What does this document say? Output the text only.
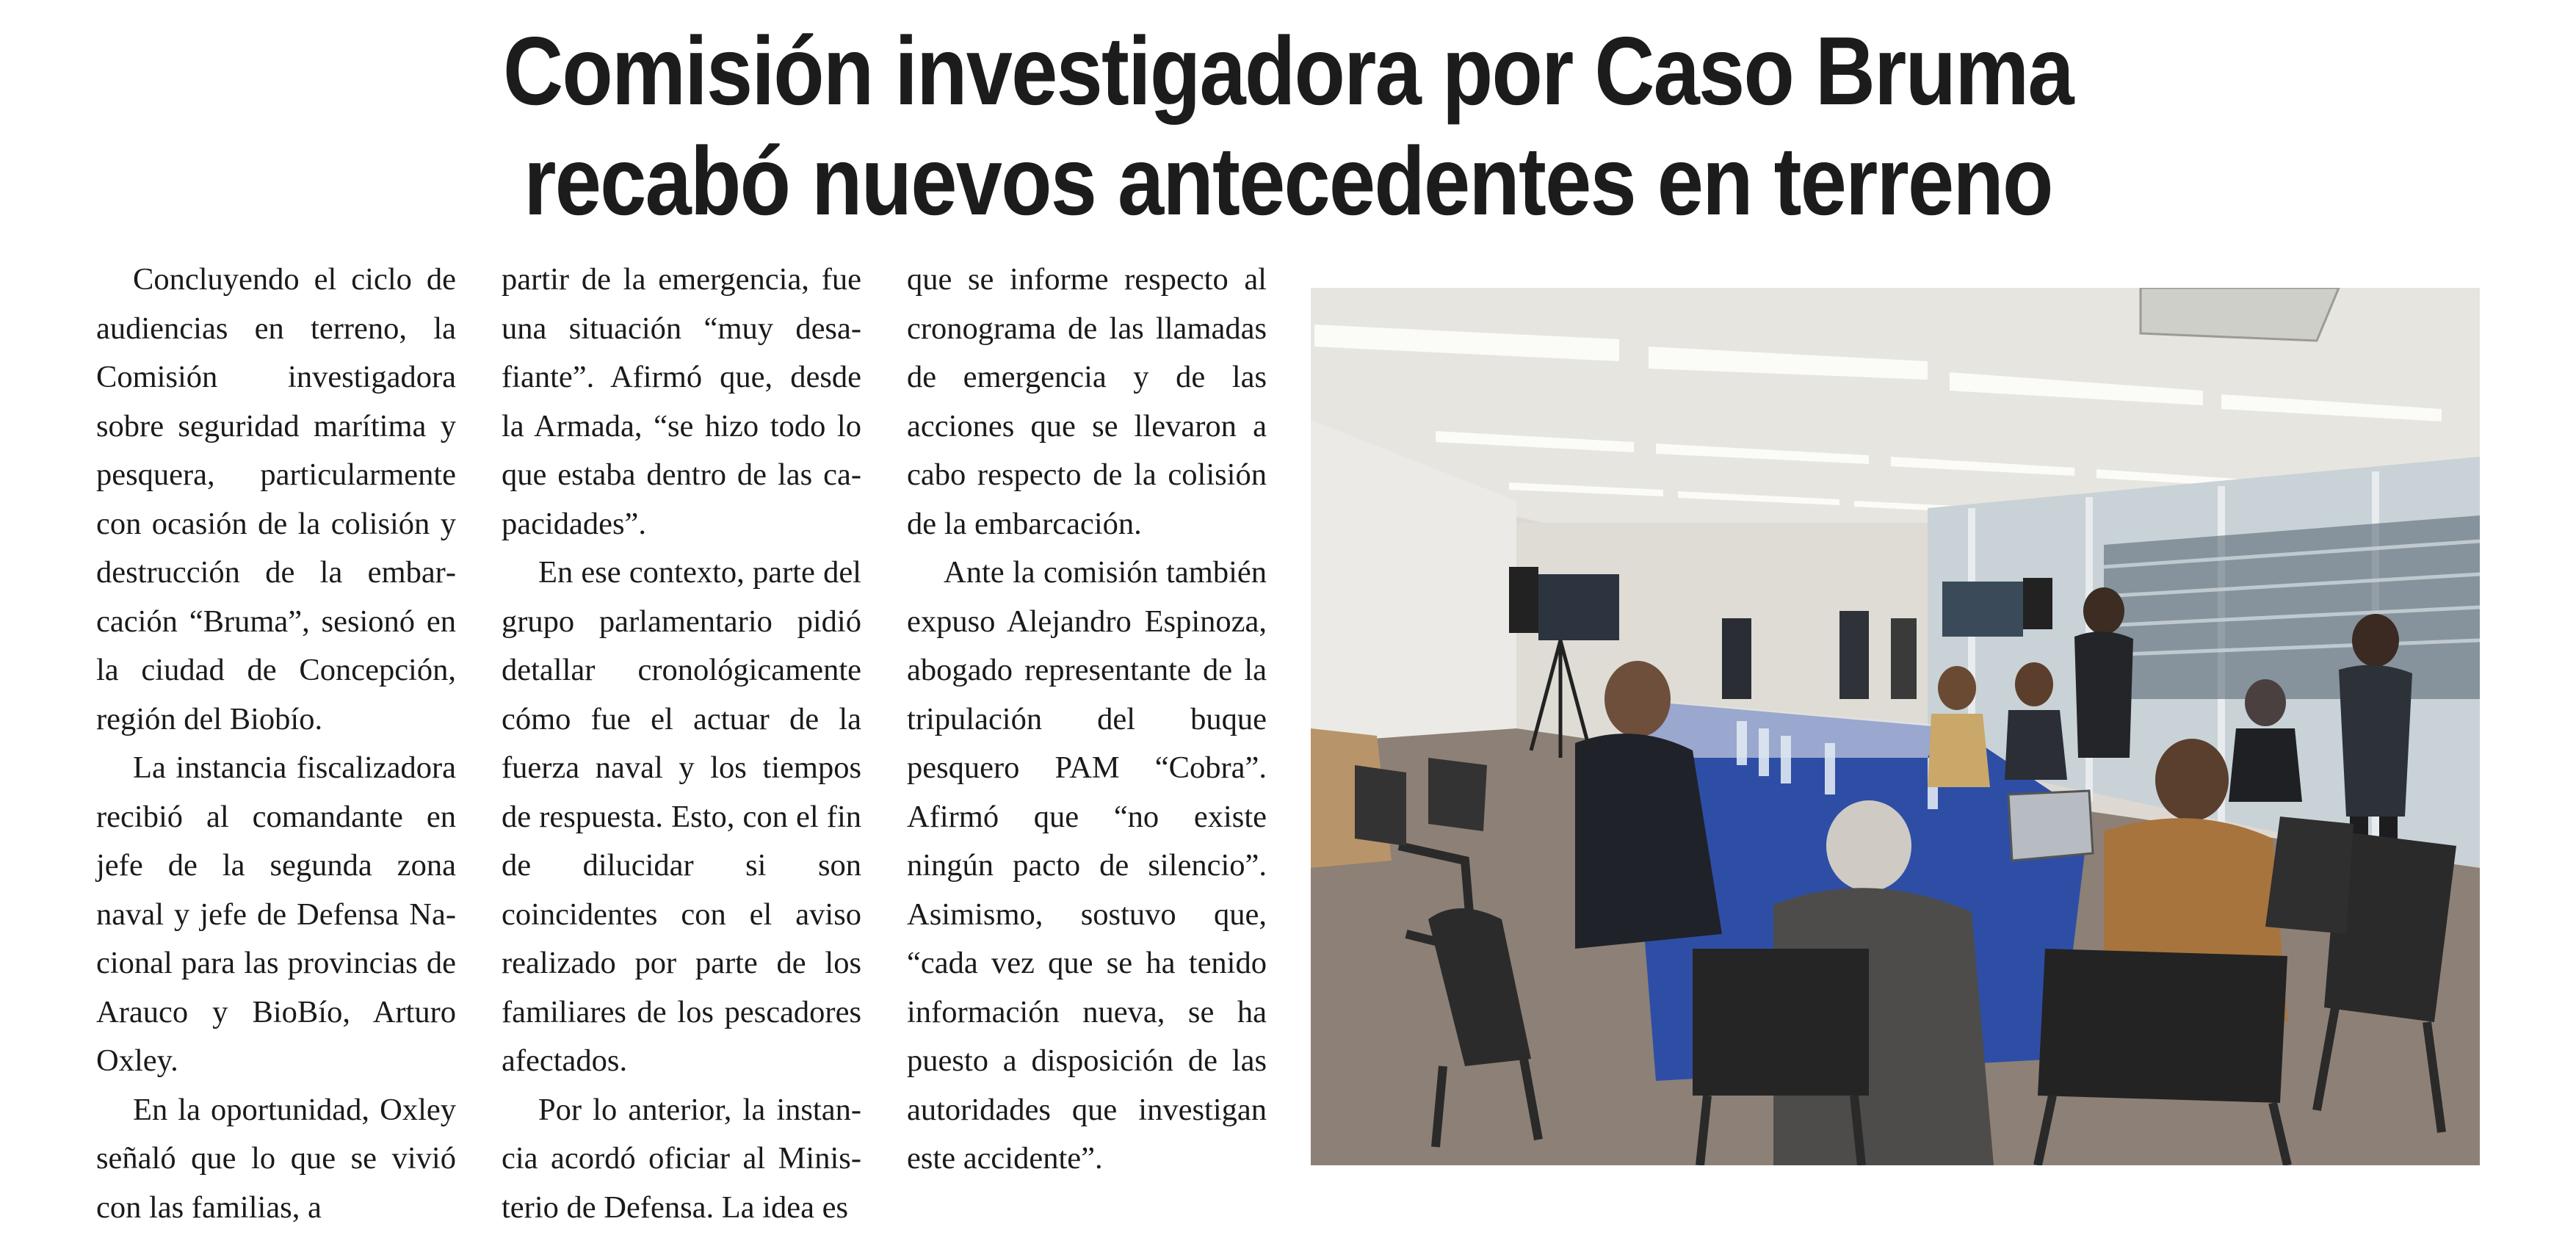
Comisión investigadora por Caso Bruma
recabó nuevos antecedentes en terreno

Concluyendo el ciclo de audiencias en terreno, la Comisión investigadora sobre seguridad marítima y pesquera, particularmente con ocasión de la colisión y destrucción de la embarcación “Bruma”, sesionó en la ciudad de Concepción, región del Biobío.

La instancia fiscalizadora recibió al comandante en jefe de la segunda zona naval y jefe de Defensa Nacional para las provincias de Arauco y BioBío, Arturo Oxley.

En la oportunidad, Oxley señaló que lo que se vivió con las familias, a

partir de la emergencia, fue una situación “muy desafiante”. Afirmó que, desde la Armada, “se hizo todo lo que estaba dentro de las capacidades”.

En ese contexto, parte del grupo parlamentario pidió detallar cronológicamente cómo fue el actuar de la fuerza naval y los tiempos de respuesta. Esto, con el fin de dilucidar si son coincidentes con el aviso realizado por parte de los familiares de los pescadores afectados.

Por lo anterior, la instancia acordó oficiar al Ministerio de Defensa. La idea es

que se informe respecto al cronograma de las llamadas de emergencia y de las acciones que se llevaron a cabo respecto de la colisión de la embarcación.

Ante la comisión también expuso Alejandro Espinoza, abogado representante de la tripulación del buque pesquero PAM “Cobra”. Afirmó que “no existe ningún pacto de silencio”. Asimismo, sostuvo que, “cada vez que se ha tenido información nueva, se ha puesto a disposición de las autoridades que investigan este accidente”.
